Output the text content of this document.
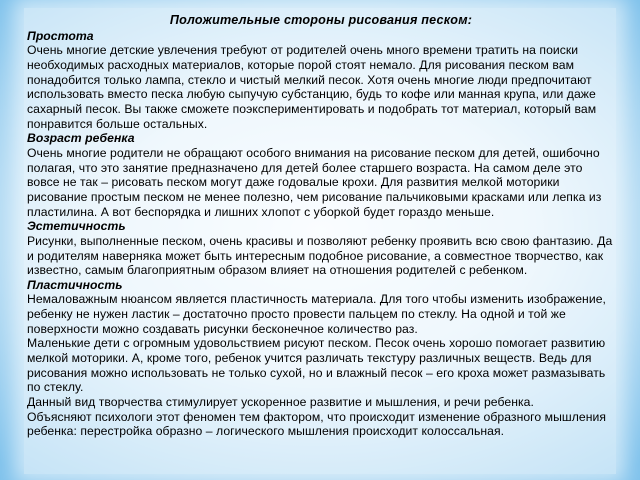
Положительные стороны рисования песком:
Простота
Очень многие детские увлечения требуют от родителей очень много времени тратить на поиски необходимых расходных материалов, которые порой стоят немало. Для рисования песком вам понадобится только лампа, стекло и чистый мелкий песок. Хотя очень многие люди предпочитают использовать вместо песка любую сыпучую субстанцию, будь то кофе или манная крупа, или даже сахарный песок. Вы также сможете поэкспериментировать и подобрать тот материал, который вам понравится больше остальных.
Возраст ребенка
Очень многие родители не обращают особого внимания на рисование песком для детей, ошибочно полагая, что это занятие предназначено для детей более старшего возраста. На самом деле это вовсе не так – рисовать песком могут даже годовалые крохи. Для развития мелкой моторики рисование простым песком не менее полезно, чем рисование пальчиковыми красками или лепка из пластилина. А вот беспорядка и лишних хлопот с уборкой будет гораздо меньше.
Эстетичность
Рисунки, выполненные песком, очень красивы и позволяют ребенку проявить всю свою фантазию. Да и родителям наверняка может быть интересным подобное рисование, а совместное творчество, как известно, самым благоприятным образом влияет на отношения родителей с ребенком.
Пластичность
Немаловажным нюансом является пластичность материала. Для того чтобы изменить изображение, ребенку не нужен ластик – достаточно просто провести пальцем по стеклу. На одной и той же поверхности можно создавать рисунки бесконечное количество раз.
Маленькие дети с огромным удовольствием рисуют песком. Песок очень хорошо помогает развитию мелкой моторики. А, кроме того, ребенок учится различать текстуру различных веществ. Ведь для рисования можно использовать не только сухой, но и влажный песок – его кроха может размазывать по стеклу.
Данный вид творчества стимулирует ускоренное развитие и мышления, и речи ребенка.
Объясняют психологи этот феномен тем фактором, что происходит изменение образного мышления ребенка: перестройка образно – логического мышления происходит колоссальная.
